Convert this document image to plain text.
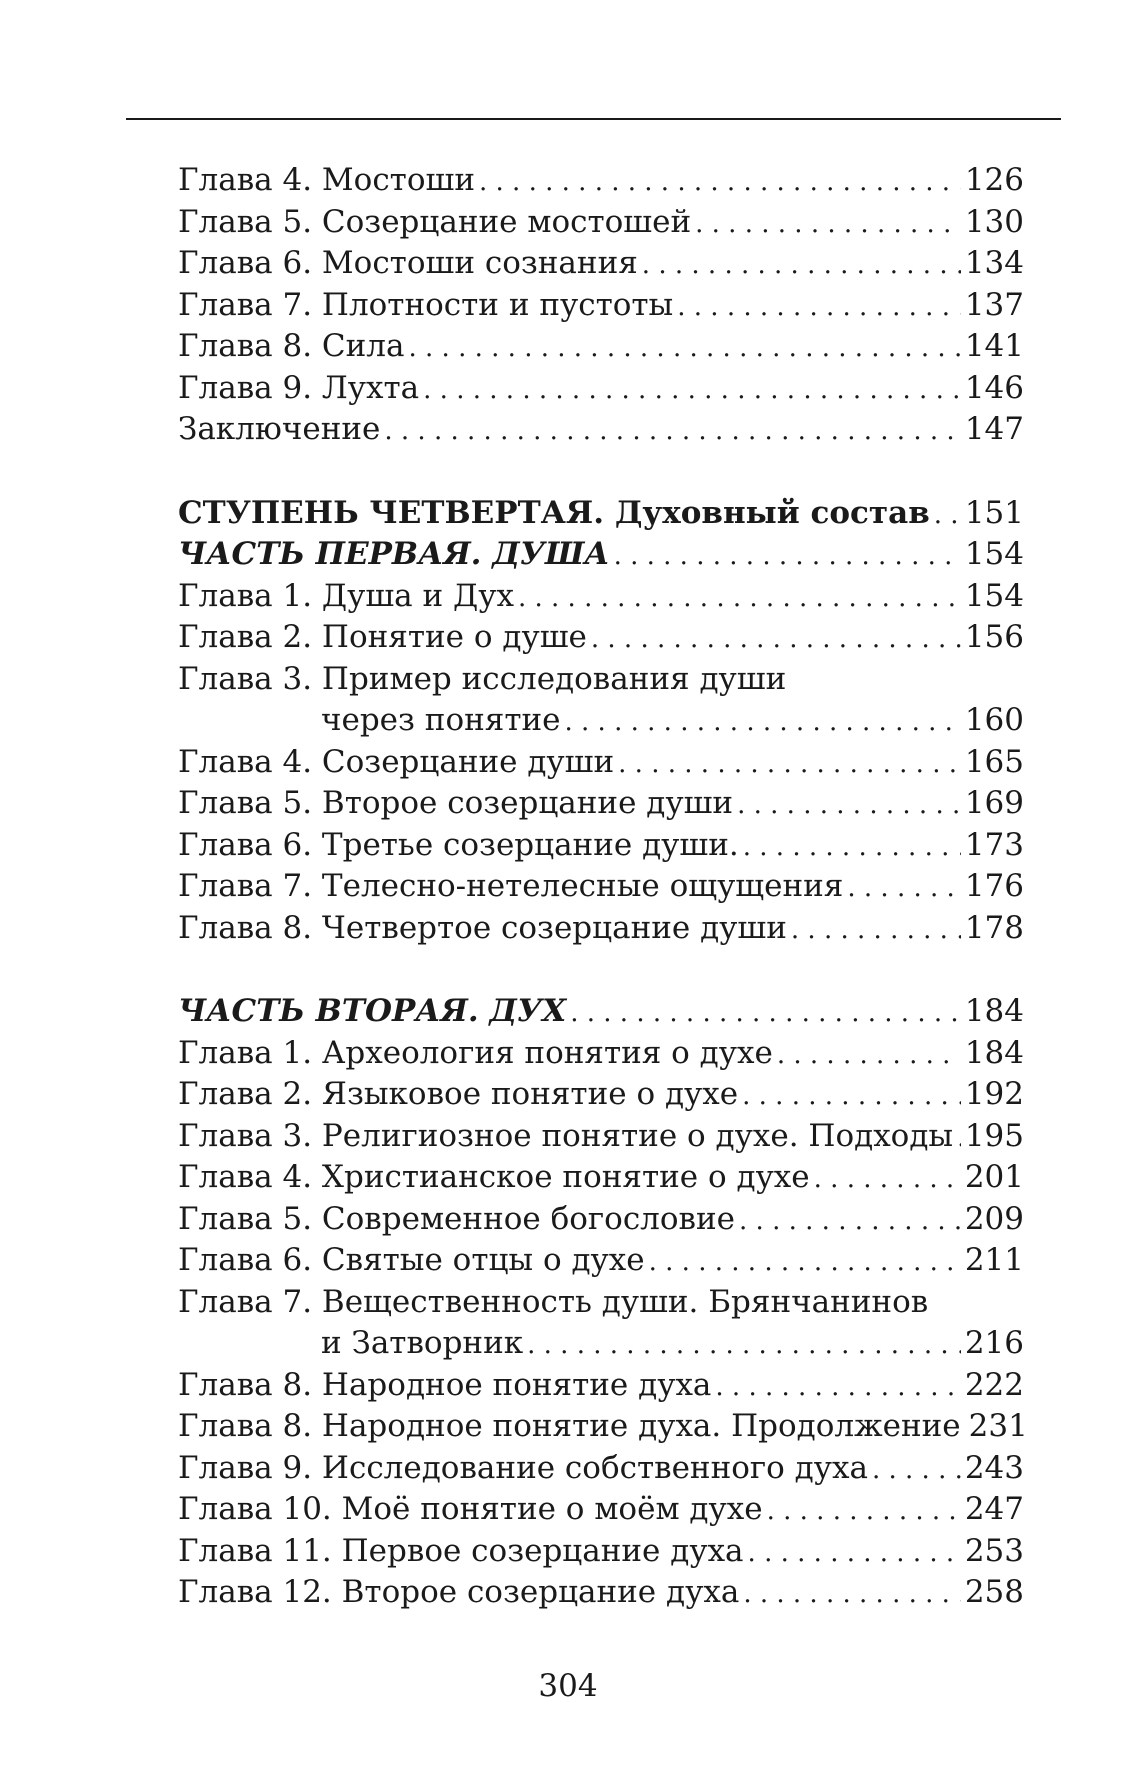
Глава 4. Мостоши . . .	126
Глава 5. Созерцание мостошей . . .	130
Глава 6. Мостоши сознания . . .	134
Глава 7. Плотности и пустоты . . .	137
Глава 8. Сила . . .	141
Глава 9. Лухта . . .	146
Заключение . . .	147
СТУПЕНЬ ЧЕТВЕРТАЯ. Духовный состав . . . 151
ЧАСТЬ ПЕРВАЯ. ДУША . . .	154
Глава 1. Душа и Дух . . .	154
Глава 2. Понятие о душе . . .	156
Глава 3. Пример исследования души
через понятие . . .	160
Глава 4. Созерцание души . . .	165
Глава 5. Второе созерцание души . . .	169
Глава 6. Третье созерцание души. . . .	173
Глава 7. Телесно-нетелесные ощущения . . .	176
Глава 8. Четвертое созерцание души . . .	178
ЧАСТЬ ВТОРАЯ. ДУХ . . .	184
Глава 1. Археология понятия о духе . . .	184
Глава 2. Языковое понятие о духе . . .	192
Глава 3. Религиозное понятие о духе. Подходы . . . 195
Глава 4. Христианское понятие о духе . . .	201
Глава 5. Современное богословие . . .	209
Глава 6. Святые отцы о духе . . .	211
Глава 7. Вещественность души. Брянчанинов
и Затворник . . .	216
Глава 8. Народное понятие духа . . .	222
Глава 8. Народное понятие духа. Продолжение 231
Глава 9. Исследование собственного духа . . .	243
Глава 10. Моё понятие о моём духе . . .	247
Глава 11. Первое созерцание духа . . .	253
Глава 12. Второе созерцание духа . . .	258
304
